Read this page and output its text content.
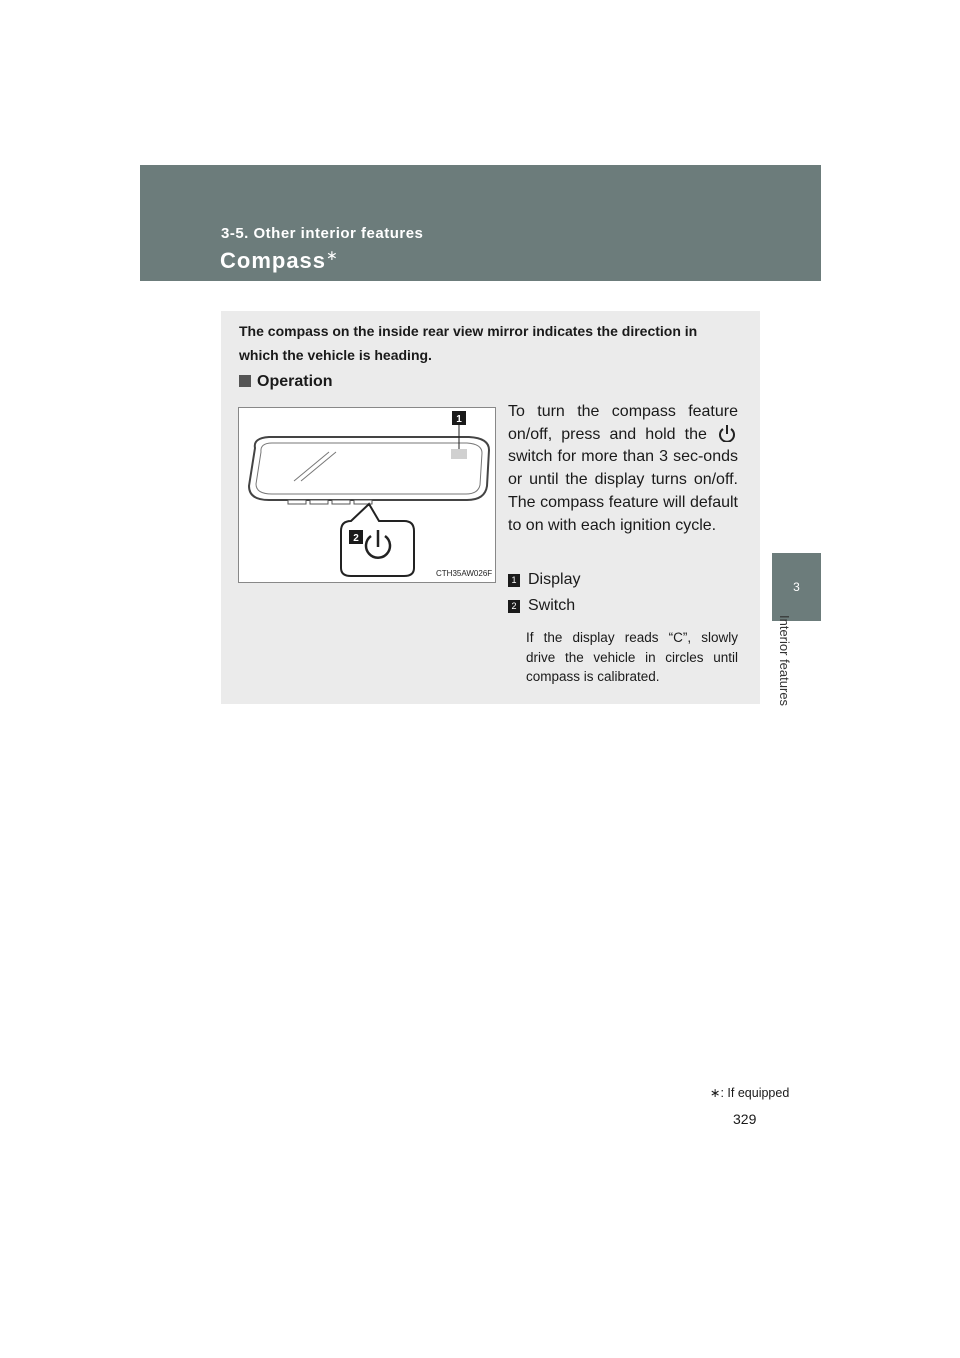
3-5. Other interior features
Compass∗
3
Interior features
The compass on the inside rear view mirror indicates the direction in which the vehicle is heading.
Operation
1
2
CTH35AW026F
To turn the compass feature on/off, press and hold the  switch for more than 3 sec-onds or until the display turns on/off. The compass feature will default to on with each ignition cycle.
1 Display
2 Switch
If the display reads “C”, slowly drive the vehicle in circles until compass is calibrated.
∗: If equipped
329
